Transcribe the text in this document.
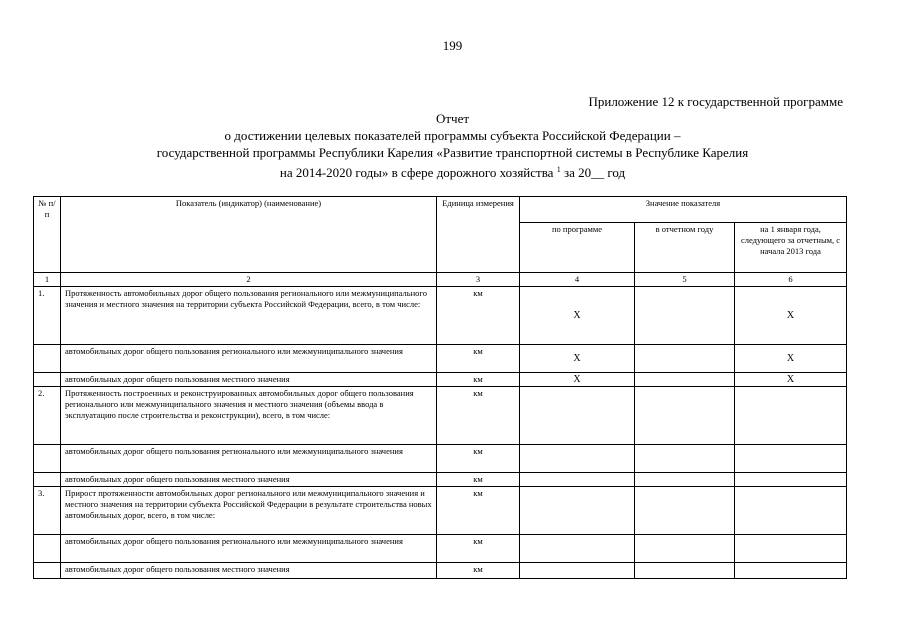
199
Приложение 12 к государственной программе
Отчет
о достижении целевых показателей программы субъекта Российской Федерации –
государственной программы Республики Карелия «Развитие транспортной системы в Республике Карелия
на 2014-2020 годы» в сфере дорожного хозяйства $^1$ за 20__ год
№ п/п	Показатель (индикатор) (наименование)	Единица измерения	Значение показателя		
			по программе	в отчетном году	на 1 января года, следующего за отчетным, с начала 2013 года
1	2	3	4	5	6
1.	Протяженность автомобильных дорог общего пользования регионального или межмуниципального значения и местного значения на территории субъекта Российской Федерации, всего, в том числе:	км	Х		Х
	автомобильных дорог общего пользования регионального или межмуниципального значения	км	Х		Х
	автомобильных дорог общего пользования местного значения	км	Х		Х
2.	Протяженность построенных и реконструированных автомобильных дорог общего пользования регионального или межмуниципального значения и местного значения (объемы ввода в эксплуатацию после строительства и реконструкции), всего, в том числе:	км			
	автомобильных дорог общего пользования регионального или межмуниципального значения	км			
	автомобильных дорог общего пользования местного значения	км			
3.	Прирост протяженности автомобильных дорог регионального или межмуниципального значения и местного значения на территории субъекта Российской Федерации в результате строительства новых автомобильных дорог, всего, в том числе:	км			
	автомобильных дорог общего пользования регионального или межмуниципального значения	км			
	автомобильных дорог общего пользования местного значения	км			
